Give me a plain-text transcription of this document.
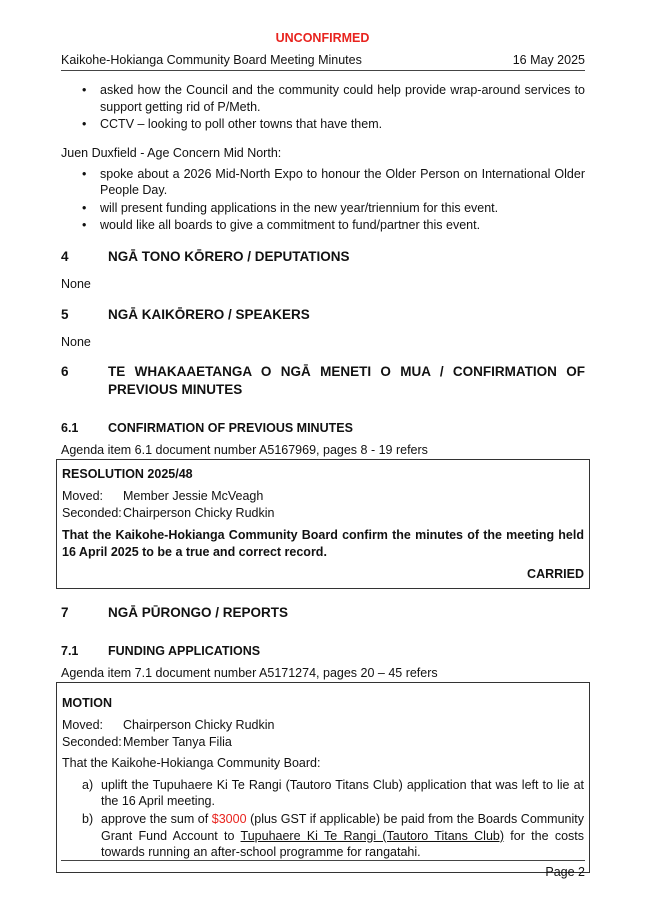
UNCONFIRMED
Kaikohe-Hokianga Community Board Meeting Minutes	16 May 2025
• asked how the Council and the community could help provide wrap-around services to support getting rid of P/Meth.
• CCTV – looking to poll other towns that have them.

Juen Duxfield - Age Concern Mid North:

• spoke about a 2026 Mid-North Expo to honour the Older Person on International Older People Day.
• will present funding applications in the new year/triennium for this event.
• would like all boards to give a commitment to fund/partner this event.
4	NGĀ TONO KŌRERO / DEPUTATIONS

None

5	NGĀ KAIKŌRERO / SPEAKERS

None

6	TE WHAKAAETANGA O NGĀ MENETI O MUA / CONFIRMATION OF PREVIOUS MINUTES
6.1	CONFIRMATION OF PREVIOUS MINUTES

Agenda item 6.1 document number A5167969, pages 8 - 19 refers

RESOLUTION 2025/48
Moved:	Member Jessie McVeagh
Seconded: Chairperson Chicky Rudkin
That the Kaikohe-Hokianga Community Board confirm the minutes of the meeting held 16 April 2025 to be a true and correct record.
CARRIED
7	NGĀ PŪRONGO / REPORTS
7.1	FUNDING APPLICATIONS

Agenda item 7.1 document number A5171274, pages 20 – 45 refers

MOTION
Moved:	Chairperson Chicky Rudkin
Seconded: Member Tanya Filia
That the Kaikohe-Hokianga Community Board:
a) uplift the Tupuhaere Ki Te Rangi (Tautoro Titans Club) application that was left to lie at the 16 April meeting.
b) approve the sum of $3000 (plus GST if applicable) be paid from the Boards Community Grant Fund Account to Tupuhaere Ki Te Rangi (Tautoro Titans Club) for the costs towards running an after-school programme for rangatahi.
Page 2
